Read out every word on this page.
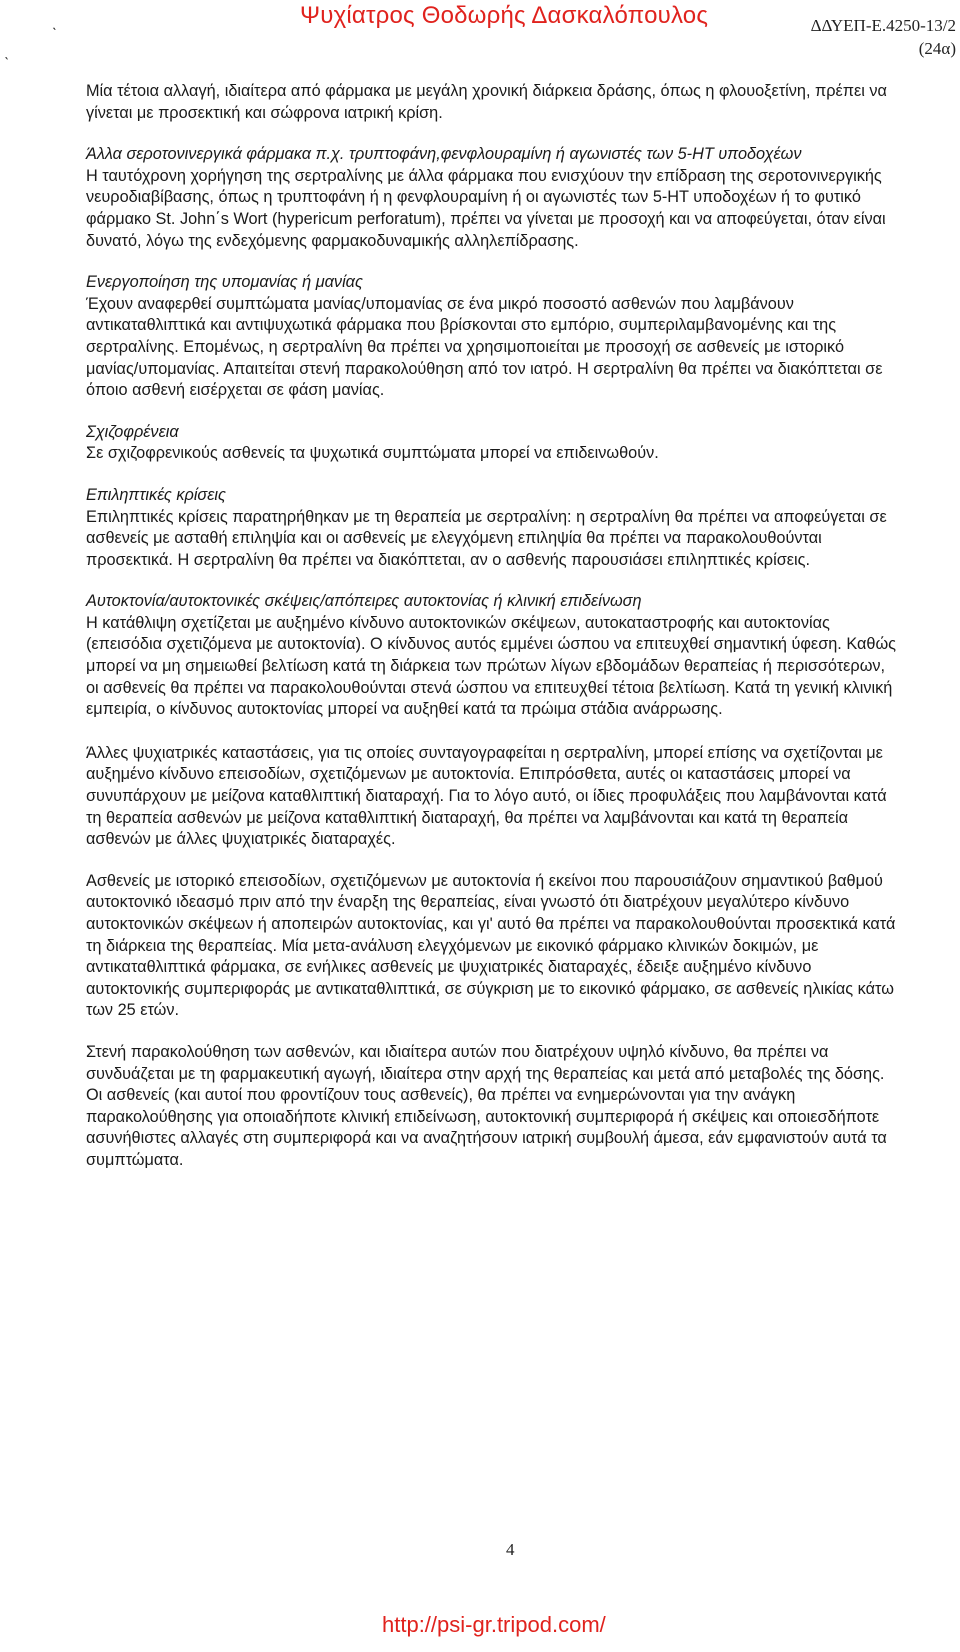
Ψυχίατρος Θοδωρής Δασκαλόπουλος	ΔΔΥΕΠ-Ε.4250-13/2
(24α)
ˎ
ˋ

Μία τέτοια αλλαγή, ιδιαίτερα από φάρμακα με μεγάλη χρονική διάρκεια δράσης, όπως η φλουοξετίνη, πρέπει να γίνεται με προσεκτική και σώφρονα ιατρική κρίση.

Άλλα σεροτονινεργικά φάρμακα π.χ. τρυπτοφάνη,φενφλουραμίνη ή αγωνιστές των 5-ΗΤ υποδοχέων
Η ταυτόχρονη χορήγηση της σερτραλίνης με άλλα φάρμακα που ενισχύουν την επίδραση της σεροτονινεργικής νευροδιαβίβασης, όπως η τρυπτοφάνη ή η φενφλουραμίνη ή οι αγωνιστές των 5-ΗΤ υποδοχέων ή το φυτικό φάρμακο St. John΄s Wort (hypericum perforatum), πρέπει να γίνεται με προσοχή και να αποφεύγεται, όταν είναι δυνατό, λόγω της ενδεχόμενης φαρμακοδυναμικής αλληλεπίδρασης.

Ενεργοποίηση της υπομανίας ή μανίας
Έχουν αναφερθεί συμπτώματα μανίας/υπομανίας σε ένα μικρό ποσοστό ασθενών που λαμβάνουν αντικαταθλιπτικά και αντιψυχωτικά φάρμακα που βρίσκονται στο εμπόριο, συμπεριλαμβανομένης και της σερτραλίνης. Επομένως, η σερτραλίνη θα πρέπει να χρησιμοποιείται με προσοχή σε ασθενείς με ιστορικό μανίας/υπομανίας. Απαιτείται στενή παρακολούθηση από τον ιατρό. Η σερτραλίνη θα πρέπει να διακόπτεται σε όποιο ασθενή εισέρχεται σε φάση μανίας.

Σχιζοφρένεια
Σε σχιζοφρενικούς ασθενείς τα ψυχωτικά συμπτώματα μπορεί να επιδεινωθούν.

Επιληπτικές κρίσεις
Επιληπτικές κρίσεις παρατηρήθηκαν με τη θεραπεία με σερτραλίνη: η σερτραλίνη θα πρέπει να αποφεύγεται σε ασθενείς με ασταθή επιληψία και οι ασθενείς με ελεγχόμενη επιληψία θα πρέπει να παρακολουθούνται προσεκτικά. Η σερτραλίνη θα πρέπει να διακόπτεται, αν ο ασθενής παρουσιάσει επιληπτικές κρίσεις.

Αυτοκτονία/αυτοκτονικές σκέψεις/απόπειρες αυτοκτονίας ή κλινική επιδείνωση
Η κατάθλιψη σχετίζεται με αυξημένο κίνδυνο αυτοκτονικών σκέψεων, αυτοκαταστροφής και αυτοκτονίας (επεισόδια σχετιζόμενα με αυτοκτονία). Ο κίνδυνος αυτός εμμένει ώσπου να επιτευχθεί σημαντική ύφεση. Καθώς μπορεί να μη σημειωθεί βελτίωση κατά τη διάρκεια των πρώτων λίγων εβδομάδων θεραπείας ή περισσότερων, οι ασθενείς θα πρέπει να παρακολουθούνται στενά ώσπου να επιτευχθεί τέτοια βελτίωση. Κατά τη γενική κλινική εμπειρία, ο κίνδυνος αυτοκτονίας μπορεί να αυξηθεί κατά τα πρώιμα στάδια ανάρρωσης.

Άλλες ψυχιατρικές καταστάσεις, για τις οποίες συνταγογραφείται η σερτραλίνη, μπορεί επίσης να σχετίζονται με αυξημένο κίνδυνο επεισοδίων, σχετιζόμενων με αυτοκτονία. Επιπρόσθετα, αυτές οι καταστάσεις μπορεί να συνυπάρχουν με μείζονα καταθλιπτική διαταραχή. Για το λόγο αυτό, οι ίδιες προφυλάξεις που λαμβάνονται κατά τη θεραπεία ασθενών με μείζονα καταθλιπτική διαταραχή, θα πρέπει να λαμβάνονται και κατά τη θεραπεία ασθενών με άλλες ψυχιατρικές διαταραχές.

Ασθενείς με ιστορικό επεισοδίων, σχετιζόμενων με αυτοκτονία ή εκείνοι που παρουσιάζουν σημαντικού βαθμού αυτοκτονικό ιδεασμό πριν από την έναρξη της θεραπείας, είναι γνωστό ότι διατρέχουν μεγαλύτερο κίνδυνο αυτοκτονικών σκέψεων ή αποπειρών αυτοκτονίας, και γι' αυτό θα πρέπει να παρακολουθούνται προσεκτικά κατά τη διάρκεια της θεραπείας. Μία μετα-ανάλυση ελεγχόμενων με εικονικό φάρμακο κλινικών δοκιμών, με αντικαταθλιπτικά φάρμακα, σε ενήλικες ασθενείς με ψυχιατρικές διαταραχές, έδειξε αυξημένο κίνδυνο αυτοκτονικής συμπεριφοράς με αντικαταθλιπτικά, σε σύγκριση με το εικονικό φάρμακο, σε ασθενείς ηλικίας κάτω των 25 ετών.

Στενή παρακολούθηση των ασθενών, και ιδιαίτερα αυτών που διατρέχουν υψηλό κίνδυνο, θα πρέπει να συνδυάζεται με τη φαρμακευτική αγωγή, ιδιαίτερα στην αρχή της θεραπείας και μετά από μεταβολές της δόσης. Οι ασθενείς (και αυτοί που φροντίζουν τους ασθενείς), θα πρέπει να ενημερώνονται για την ανάγκη παρακολούθησης για οποιαδήποτε κλινική επιδείνωση, αυτοκτονική συμπεριφορά ή σκέψεις και οποιεσδήποτε ασυνήθιστες αλλαγές στη συμπεριφορά και να αναζητήσουν ιατρική συμβουλή άμεσα, εάν εμφανιστούν αυτά τα συμπτώματα.

4
http://psi-gr.tripod.com/
